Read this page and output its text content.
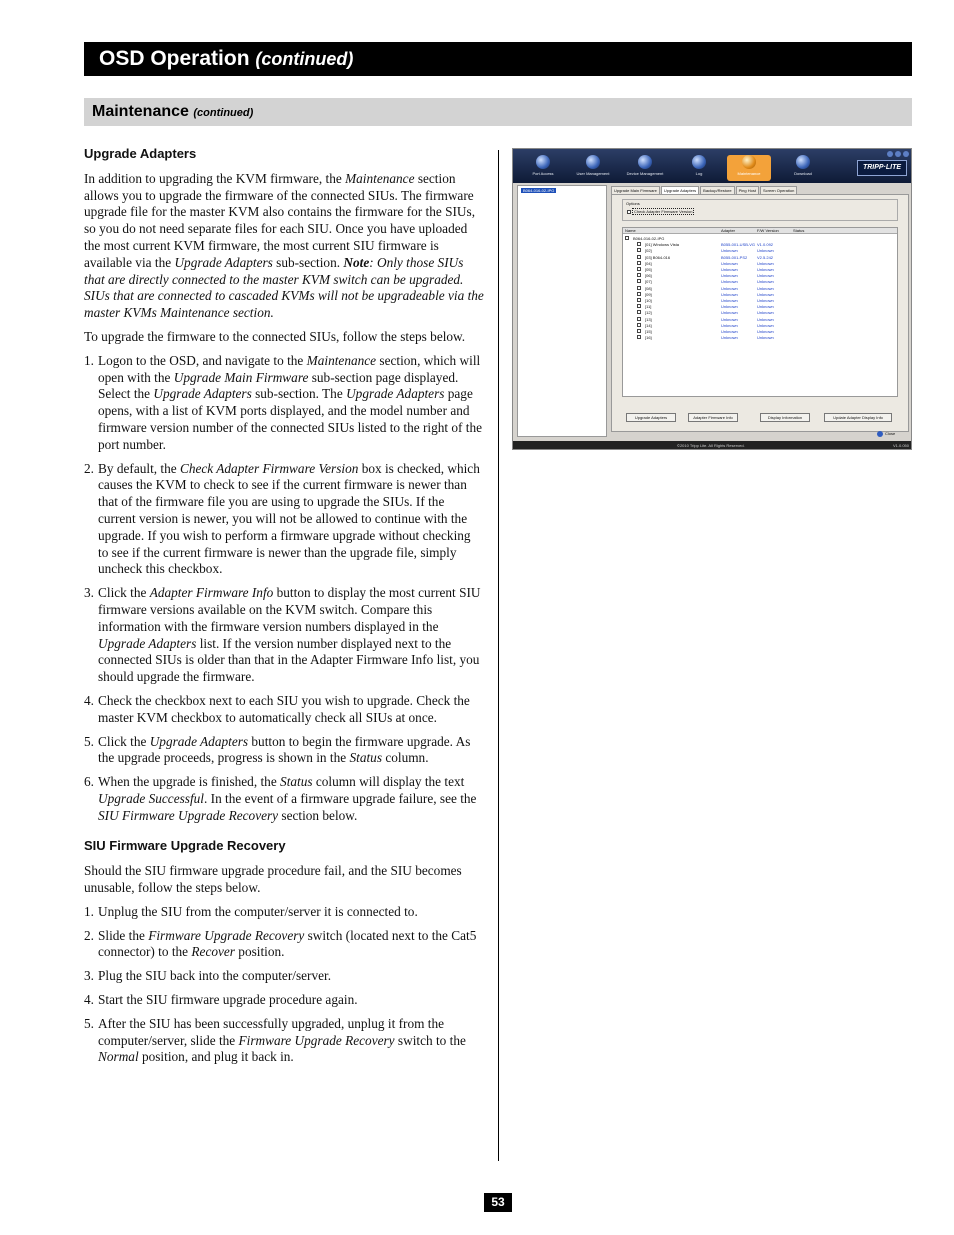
OSD Operation (continued)
Maintenance (continued)
Upgrade Adapters
In addition to upgrading the KVM firmware, the Maintenance section allows you to upgrade the firmware of the connected SIUs. The firmware upgrade file for the master KVM also contains the firmware for the SIUs, so you do not need separate files for each SIU. Once you have uploaded the most current KVM firmware, the most current SIU firmware is available via the Upgrade Adapters sub-section. Note: Only those SIUs that are directly connected to the master KVM switch can be upgraded. SIUs that are connected to cascaded KVMs will not be upgradeable via the master KVMs Maintenance section.
To upgrade the firmware to the connected SIUs, follow the steps below.
1. Logon to the OSD, and navigate to the Maintenance section, which will open with the Upgrade Main Firmware sub-section page displayed. Select the Upgrade Adapters sub-section. The Upgrade Adapters page opens, with a list of KVM ports displayed, and the model number and firmware version number of the connected SIUs listed to the right of the port number.
2. By default, the Check Adapter Firmware Version box is checked, which causes the KVM to check to see if the current firmware is newer than that of the firmware file you are using to upgrade the SIUs. If the current version is newer, you will not be allowed to continue with the upgrade. If you wish to perform a firmware upgrade without checking to see if the current firmware is newer than the upgrade file, simply uncheck this checkbox.
3. Click the Adapter Firmware Info button to display the most current SIU firmware versions available on the KVM switch. Compare this information with the firmware version numbers displayed in the Upgrade Adapters list. If the version number displayed next to the connected SIUs is older than that in the Adapter Firmware Info list, you should upgrade the firmware.
4. Check the checkbox next to each SIU you wish to upgrade. Check the master KVM checkbox to automatically check all SIUs at once.
5. Click the Upgrade Adapters button to begin the firmware upgrade. As the upgrade proceeds, progress is shown in the Status column.
6. When the upgrade is finished, the Status column will display the text Upgrade Successful. In the event of a firmware upgrade failure, see the SIU Firmware Upgrade Recovery section below.
SIU Firmware Upgrade Recovery
Should the SIU firmware upgrade procedure fail, and the SIU becomes unusable, follow the steps below.
1. Unplug the SIU from the computer/server it is connected to.
2. Slide the Firmware Upgrade Recovery switch (located next to the Cat5 connector) to the Recover position.
3. Plug the SIU back into the computer/server.
4. Start the SIU firmware upgrade procedure again.
5. After the SIU has been successfully upgraded, unplug it from the computer/server, slide the Firmware Upgrade Recovery switch to the Normal position, and plug it back in.
Port Access	User Management	Device Management	Log	Maintenance	Download
TRIPP·LITE
B064-016-02-IPG	Upgrade Main Firmware Upgrade Adapters Backup/Restore Ping Host Screen Operation
Options
Check Adapter Firmware Version
Name	Adapter	F/W Version	Status
B064-016-02-IPG
[01] Windows Vista	B055-001-USB-VG V1.0.092
[02]	Unknown	Unknown
[03] B064-016	B055-001-PS2 V2.5.242
[04]	Unknown	Unknown
[05]	Unknown	Unknown
[06]	Unknown	Unknown
[07]	Unknown	Unknown
[08]	Unknown	Unknown
[09]	Unknown	Unknown
[10]	Unknown	Unknown
[11]	Unknown	Unknown
[12]	Unknown	Unknown
[13]	Unknown	Unknown
[14]	Unknown	Unknown
[15]	Unknown	Unknown
[16]	Unknown	Unknown
Upgrade Adapters	Adapter Firmware Info	Display Information	Update Adapter Display Info
Close
©2010 Tripp Lite. All Rights Reserved.	V1.0.050
53
